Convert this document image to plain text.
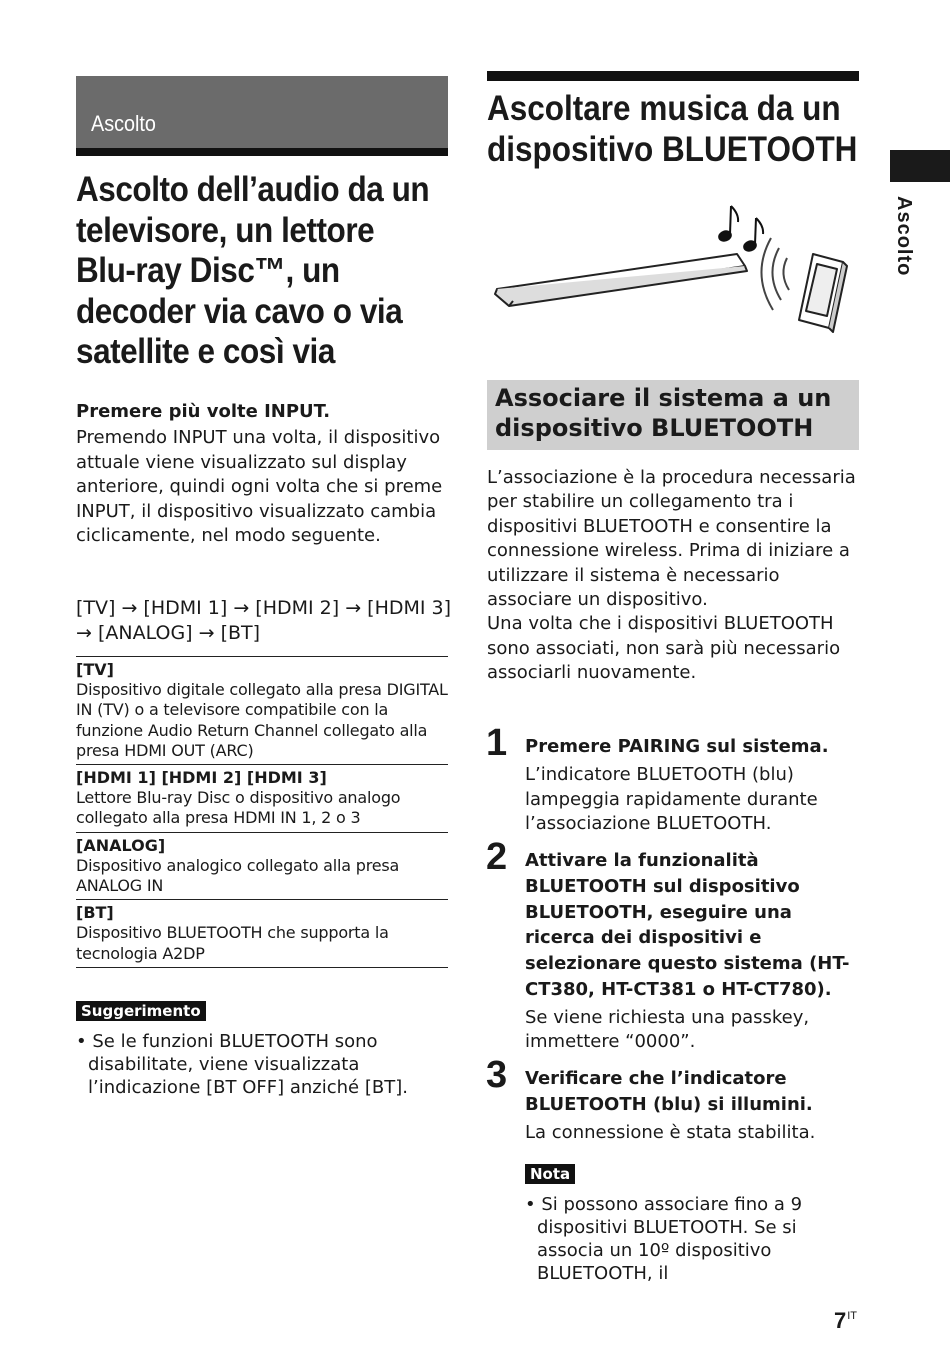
Ascolto
Ascolto dell’audio da un
televisore, un lettore
Blu-ray Disc™, un
decoder via cavo o via
satellite e così via
Premere più volte INPUT.
Premendo INPUT una volta, il dispositivo attuale viene visualizzato sul display anteriore, quindi ogni volta che si preme INPUT, il dispositivo visualizzato cambia ciclicamente, nel modo seguente.
[TV] → [HDMI 1] → [HDMI 2] → [HDMI 3]
→ [ANALOG] → [BT]
[TV]
Dispositivo digitale collegato alla presa DIGITAL IN (TV) o a televisore compatibile con la funzione Audio Return Channel collegato alla presa HDMI OUT (ARC)
[HDMI 1] [HDMI 2] [HDMI 3]
Lettore Blu-ray Disc o dispositivo analogo collegato alla presa HDMI IN 1, 2 o 3
[ANALOG]
Dispositivo analogico collegato alla presa ANALOG IN
[BT]
Dispositivo BLUETOOTH che supporta la tecnologia A2DP
Suggerimento
• Se le funzioni BLUETOOTH sono disabilitate, viene visualizzata l’indicazione [BT OFF] anziché [BT].
Ascoltare musica da un
dispositivo BLUETOOTH
Associare il sistema a un dispositivo BLUETOOTH
L’associazione è la procedura necessaria per stabilire un collegamento tra i dispositivi BLUETOOTH e consentire la connessione wireless. Prima di iniziare a utilizzare il sistema è necessario associare un dispositivo.
Una volta che i dispositivi BLUETOOTH sono associati, non sarà più necessario associarli nuovamente.
1 Premere PAIRING sul sistema.
L’indicatore BLUETOOTH (blu) lampeggia rapidamente durante l’associazione BLUETOOTH.
2 Attivare la funzionalità BLUETOOTH sul dispositivo BLUETOOTH, eseguire una ricerca dei dispositivi e selezionare questo sistema (HT-CT380, HT-CT381 o HT-CT780).
Se viene richiesta una passkey, immettere “0000”.
3 Verificare che l’indicatore BLUETOOTH (blu) si illumini.
La connessione è stata stabilita.
Nota
• Si possono associare fino a 9 dispositivi BLUETOOTH. Se si associa un 10º dispositivo BLUETOOTH, il
Ascolto
$7^{IT}$
